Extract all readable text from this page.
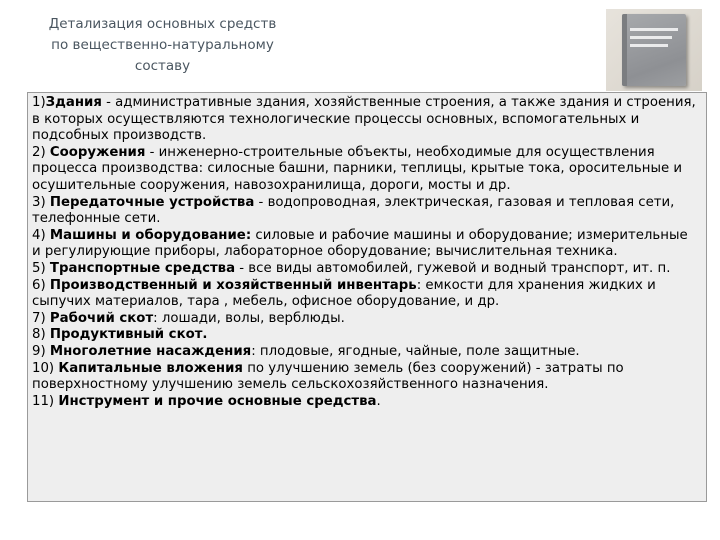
Детализация основных средств по вещественно-натуральному составу

1)Здания - административные здания, хозяйственные строения, а также здания и строения, в которых осуществляются технологические процессы основных, вспомогательных и подсобных производств.

2) Сооружения - инженерно-строительные объекты, необходимые для осуществления процесса производства: силосные башни, парники, теплицы, крытые тока, оросительные и осушительные сооружения, навозохранилища, дороги, мосты и др.

3) Передаточные устройства - водопроводная, электрическая, газовая и тепловая сети, телефонные сети.

4) Машины и оборудование: силовые и рабочие машины и оборудование; измерительные и регулирующие приборы, лабораторное оборудование; вычислительная техника.

5) Транспортные средства - все виды автомобилей, гужевой и водный транспорт, ит. п.

6) Производственный и хозяйственный инвентарь: емкости для хранения жидких и сыпучих материалов, тара , мебель, офисное оборудование, и др.

7) Рабочий скот: лошади, волы, верблюды.

8) Продуктивный скот.

9) Многолетние насаждения: плодовые, ягодные, чайные, поле защитные.

10) Капитальные вложения по улучшению земель (без сооружений) - затраты по поверхностному улучшению земель сельскохозяйственного назначения.

11) Инструмент и прочие основные средства.
